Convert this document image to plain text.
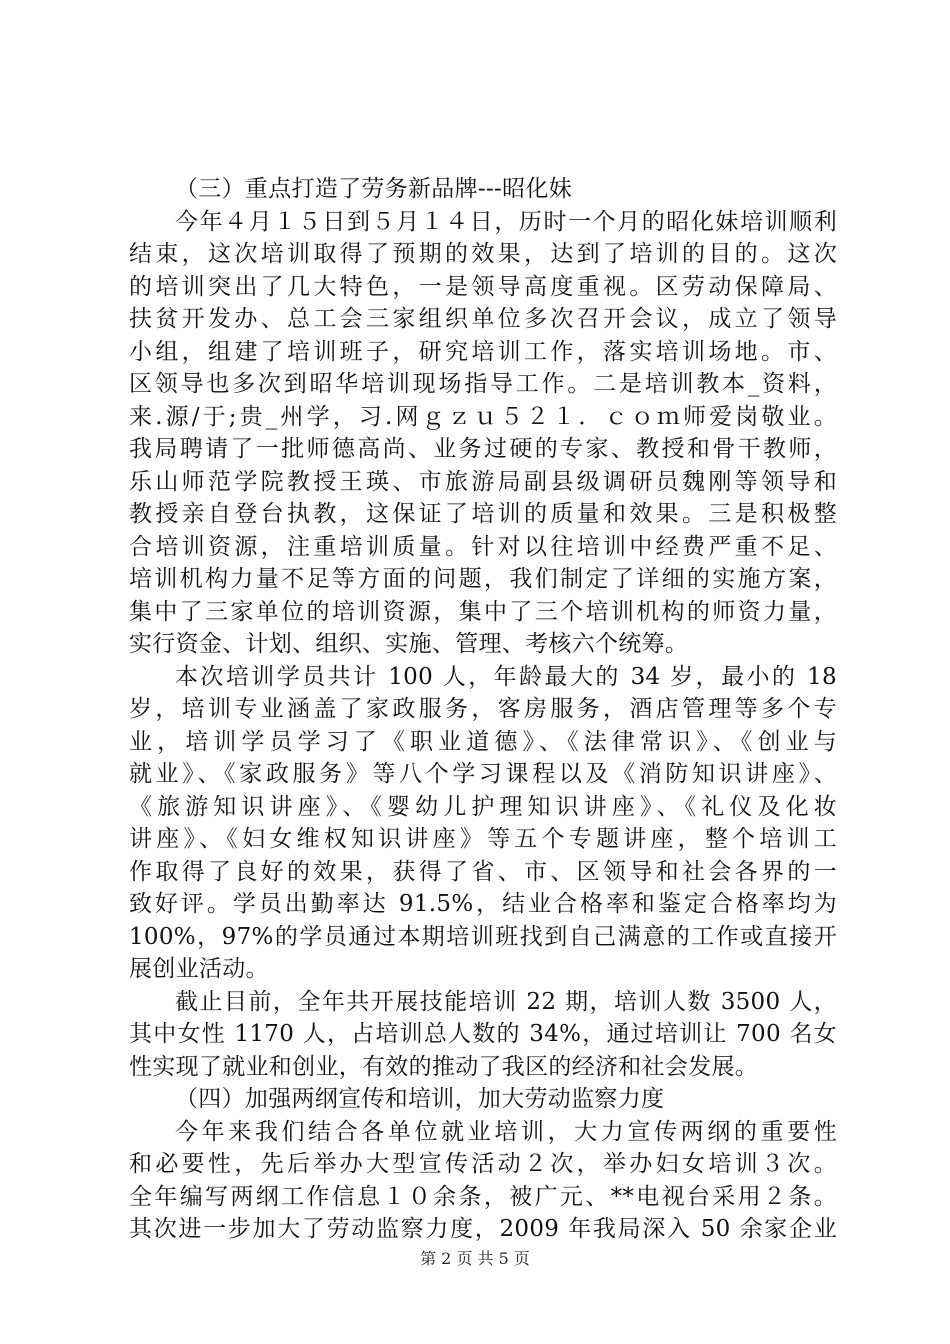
（三）重点打造了劳务新品牌---昭化妹
今年４月１５日到５月１４日，历时一个月的昭化妹培训顺利
结束，这次培训取得了预期的效果，达到了培训的目的。这次
的培训突出了几大特色，一是领导高度重视。区劳动保障局、
扶贫开发办、总工会三家组织单位多次召开会议，成立了领导
小组，组建了培训班子，研究培训工作，落实培训场地。市、
区领导也多次到昭华培训现场指导工作。二是培训教本_资料，
来.源/于;贵_州学，习.网ｇｚｕ５２１．ｃｏｍ师爱岗敬业。
我局聘请了一批师德高尚、业务过硬的专家、教授和骨干教师，
乐山师范学院教授王瑛、市旅游局副县级调研员魏刚等领导和
教授亲自登台执教，这保证了培训的质量和效果。三是积极整
合培训资源，注重培训质量。针对以往培训中经费严重不足、
培训机构力量不足等方面的问题，我们制定了详细的实施方案，
集中了三家单位的培训资源，集中了三个培训机构的师资力量，
实行资金、计划、组织、实施、管理、考核六个统筹。
本次培训学员共计 100 人，年龄最大的 34 岁，最小的 18
岁，培训专业涵盖了家政服务，客房服务，酒店管理等多个专
业，培训学员学习了《职业道德》、《法律常识》、《创业与
就业》、《家政服务》等八个学习课程以及《消防知识讲座》、
《旅游知识讲座》、《婴幼儿护理知识讲座》、《礼仪及化妆
讲座》、《妇女维权知识讲座》等五个专题讲座，整个培训工
作取得了良好的效果，获得了省、市、区领导和社会各界的一
致好评。学员出勤率达 91.5%，结业合格率和鉴定合格率均为
100%，97%的学员通过本期培训班找到自己满意的工作或直接开
展创业活动。
截止目前，全年共开展技能培训 22 期，培训人数 3500 人，
其中女性 1170 人，占培训总人数的 34%，通过培训让 700 名女
性实现了就业和创业，有效的推动了我区的经济和社会发展。
（四）加强两纲宣传和培训，加大劳动监察力度
今年来我们结合各单位就业培训，大力宣传两纲的重要性
和必要性，先后举办大型宣传活动２次，举办妇女培训３次。
全年编写两纲工作信息１０余条，被广元、**电视台采用２条。
其次进一步加大了劳动监察力度，2009 年我局深入 50 余家企业
第 2 页 共 5 页
